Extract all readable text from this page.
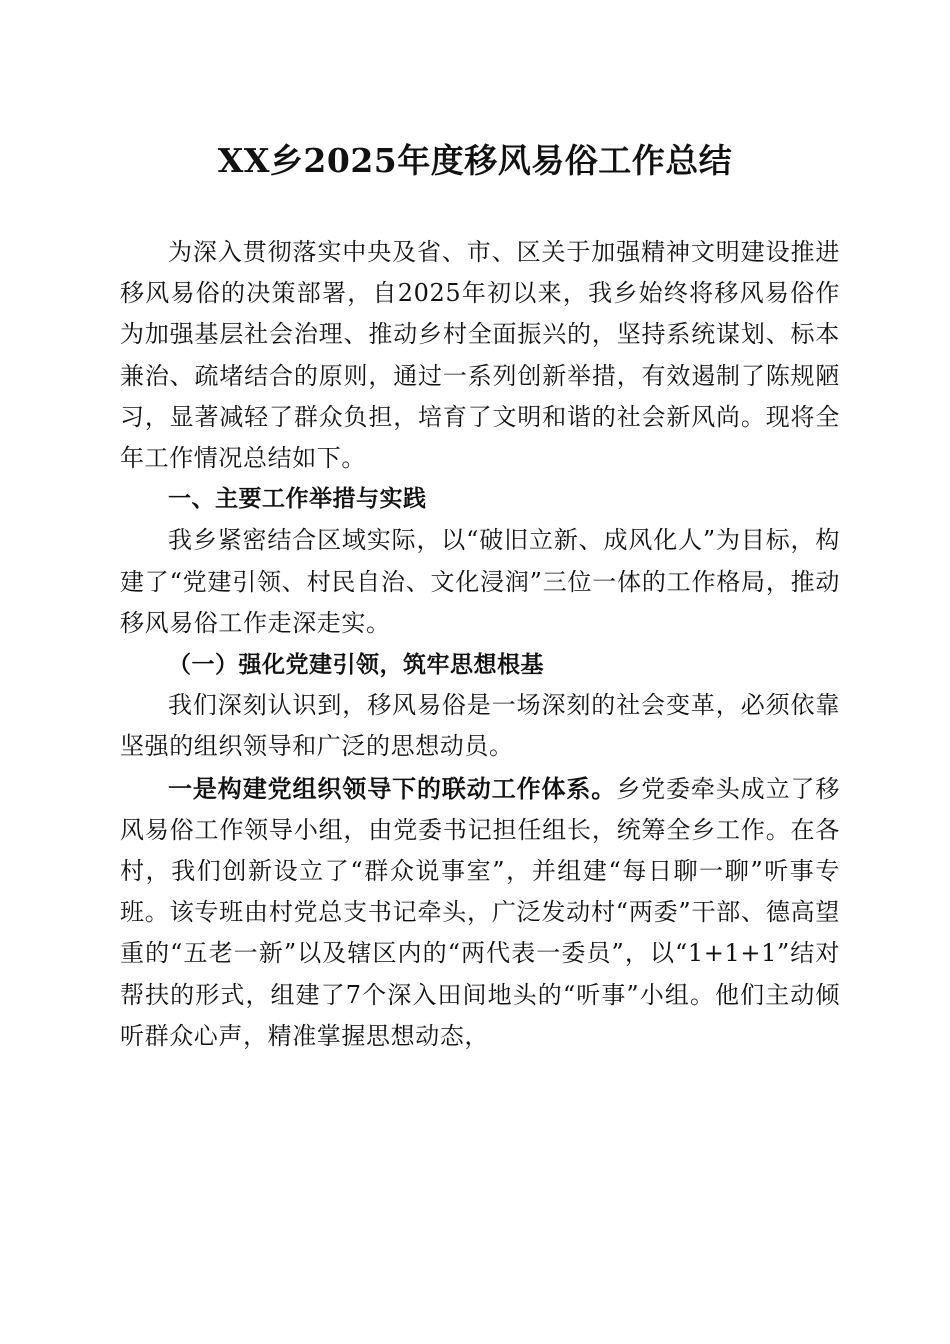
XX乡2025年度移风易俗工作总结

为深入贯彻落实中央及省、市、区关于加强精神文明建设推进移风易俗的决策部署，自2025年初以来，我乡始终将移风易俗作为加强基层社会治理、推动乡村全面振兴的，坚持系统谋划、标本兼治、疏堵结合的原则，通过一系列创新举措，有效遏制了陈规陋习，显著减轻了群众负担，培育了文明和谐的社会新风尚。现将全年工作情况总结如下。

一、主要工作举措与实践

我乡紧密结合区域实际，以“破旧立新、成风化人”为目标，构建了“党建引领、村民自治、文化浸润”三位一体的工作格局，推动移风易俗工作走深走实。

（一）强化党建引领，筑牢思想根基

我们深刻认识到，移风易俗是一场深刻的社会变革，必须依靠坚强的组织领导和广泛的思想动员。

一是构建党组织领导下的联动工作体系。乡党委牵头成立了移风易俗工作领导小组，由党委书记担任组长，统筹全乡工作。在各村，我们创新设立了“群众说事室”，并组建“每日聊一聊”听事专班。该专班由村党总支书记牵头，广泛发动村“两委”干部、德高望重的“五老一新”以及辖区内的“两代表一委员”，以“1+1+1”结对帮扶的形式，组建了7个深入田间地头的“听事”小组。他们主动倾听群众心声，精准掌握思想动态，
